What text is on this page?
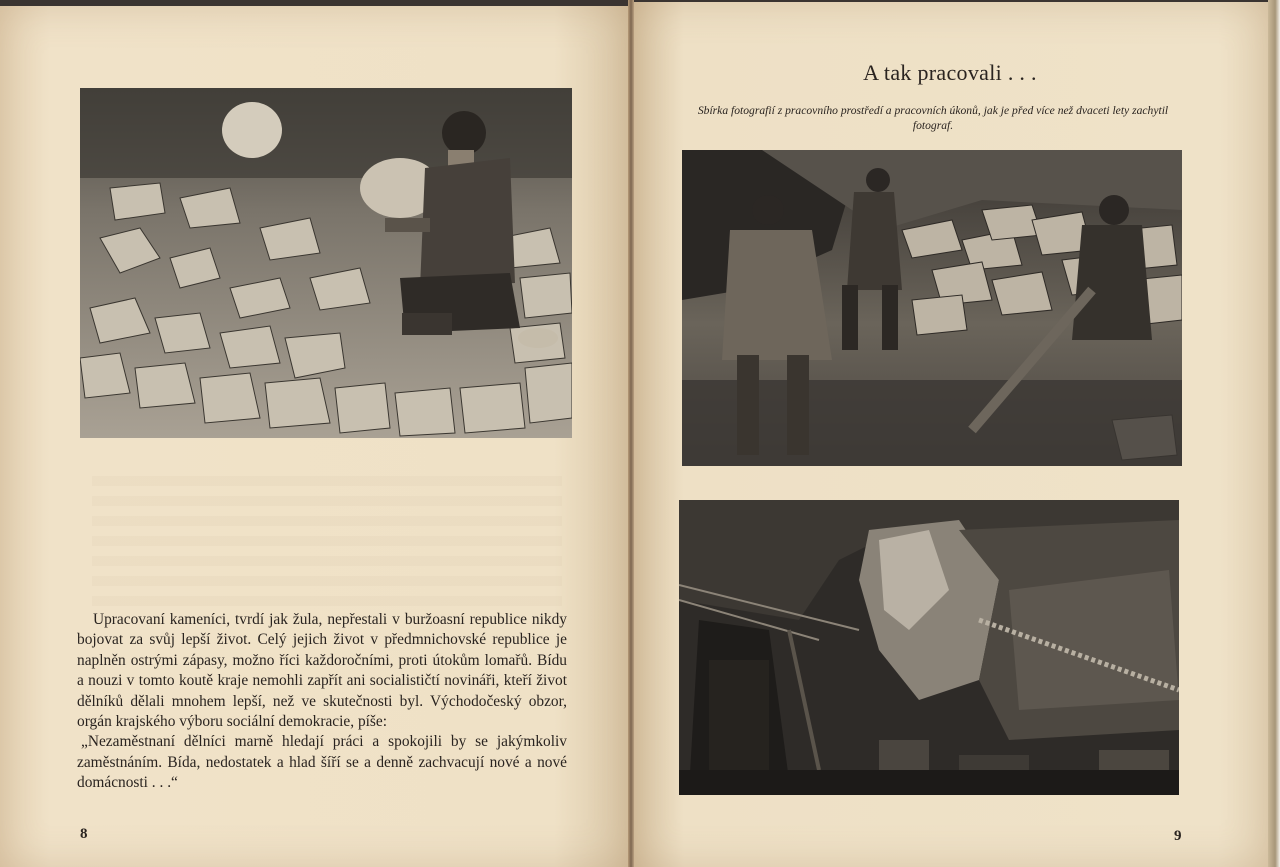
Upracovaní kameníci, tvrdí jak žula, nepřestali v buržoasní republice nikdy bojovat za svůj lepší život. Celý jejich život v předmnichovské republice je naplněn ostrými zápasy, možno říci každoročními, proti útokům lomařů. Bídu a nouzi v tomto koutě kraje nemohli zapřít ani socialističtí novináři, kteří život dělníků dělali mnohem lepší, než ve skutečnosti byl. Východočeský obzor, orgán krajského výboru sociální demokracie, píše:

„Nezaměstnaní dělníci marně hledají práci a spokojili by se jakýmkoliv zaměstnáním. Bída, nedostatek a hlad šíří se a denně zachvacují nové a nové domácnosti . . .“

8
A tak pracovali . . .
Sbírka fotografií z pracovního prostředí a pracovních úkonů, jak je před více než dvaceti lety zachytil fotograf.
9
